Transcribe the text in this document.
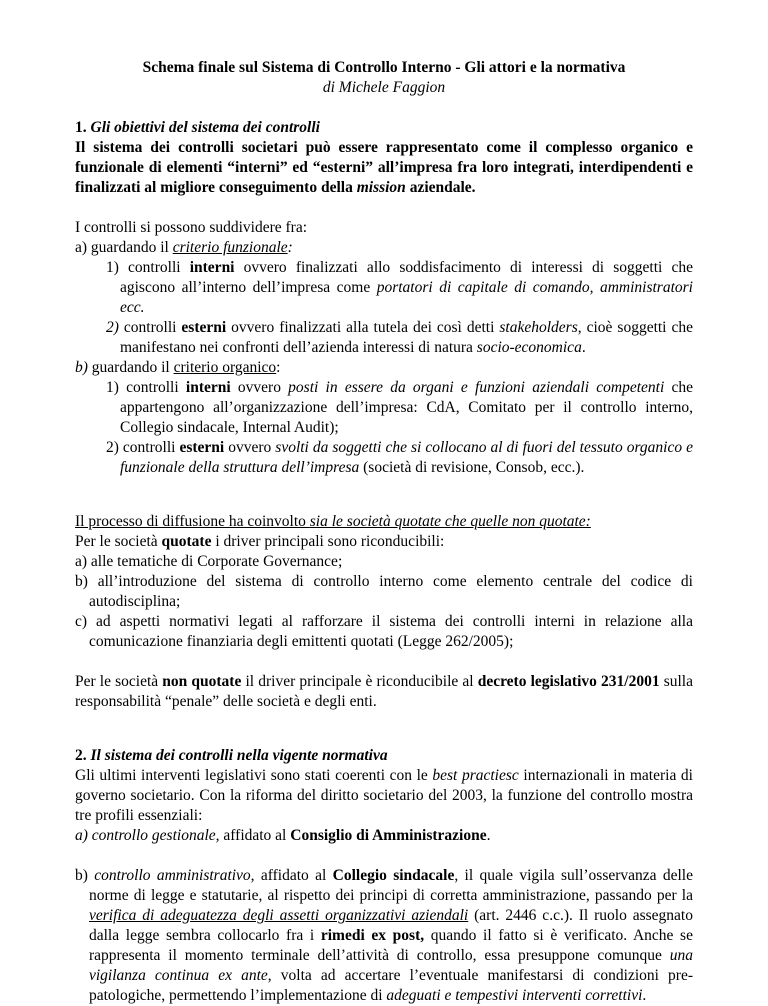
Schema finale sul Sistema di Controllo Interno - Gli attori e la normativa
di Michele Faggion
1. Gli obiettivi del sistema dei controlli
Il sistema dei controlli societari può essere rappresentato come il complesso organico e funzionale di elementi “interni” ed “esterni” all’impresa fra loro integrati, interdipendenti e finalizzati al migliore conseguimento della mission aziendale.
I controlli si possono suddividere fra:
a) guardando il criterio funzionale:
1) controlli interni ovvero finalizzati allo soddisfacimento di interessi di soggetti che agiscono all’interno dell’impresa come portatori di capitale di comando, amministratori ecc.
2) controlli esterni ovvero finalizzati alla tutela dei così detti stakeholders, cioè soggetti che manifestano nei confronti dell’azienda interessi di natura socio-economica.
b) guardando il criterio organico:
1) controlli interni ovvero posti in essere da organi e funzioni aziendali competenti che appartengono all’organizzazione dell’impresa: CdA, Comitato per il controllo interno, Collegio sindacale, Internal Audit);
2) controlli esterni ovvero svolti da soggetti che si collocano al di fuori del tessuto organico e funzionale della struttura dell’impresa (società di revisione, Consob, ecc.).
Il processo di diffusione ha coinvolto sia le società quotate che quelle non quotate:
Per le società quotate i driver principali sono riconducibili:
a) alle tematiche di Corporate Governance;
b) all’introduzione del sistema di controllo interno come elemento centrale del codice di autodisciplina;
c) ad aspetti normativi legati al rafforzare il sistema dei controlli interni in relazione alla comunicazione finanziaria degli emittenti quotati (Legge 262/2005);
Per le società non quotate il driver principale è riconducibile al decreto legislativo 231/2001 sulla responsabilità “penale” delle società e degli enti.
2. Il sistema dei controlli nella vigente normativa
Gli ultimi interventi legislativi sono stati coerenti con le best practiesc internazionali in materia di governo societario. Con la riforma del diritto societario del 2003, la funzione del controllo mostra tre profili essenziali:
a) controllo gestionale, affidato al Consiglio di Amministrazione.
b) controllo amministrativo, affidato al Collegio sindacale, il quale vigila sull’osservanza delle norme di legge e statutarie, al rispetto dei principi di corretta amministrazione, passando per la verifica di adeguatezza degli assetti organizzativi aziendali (art. 2446 c.c.). Il ruolo assegnato dalla legge sembra collocarlo fra i rimedi ex post, quando il fatto si è verificato. Anche se rappresenta il momento terminale dell’attività di controllo, essa presuppone comunque una vigilanza continua ex ante, volta ad accertare l’eventuale manifestarsi di condizioni pre-patologiche, permettendo l’implementazione di adeguati e tempestivi interventi correttivi.
